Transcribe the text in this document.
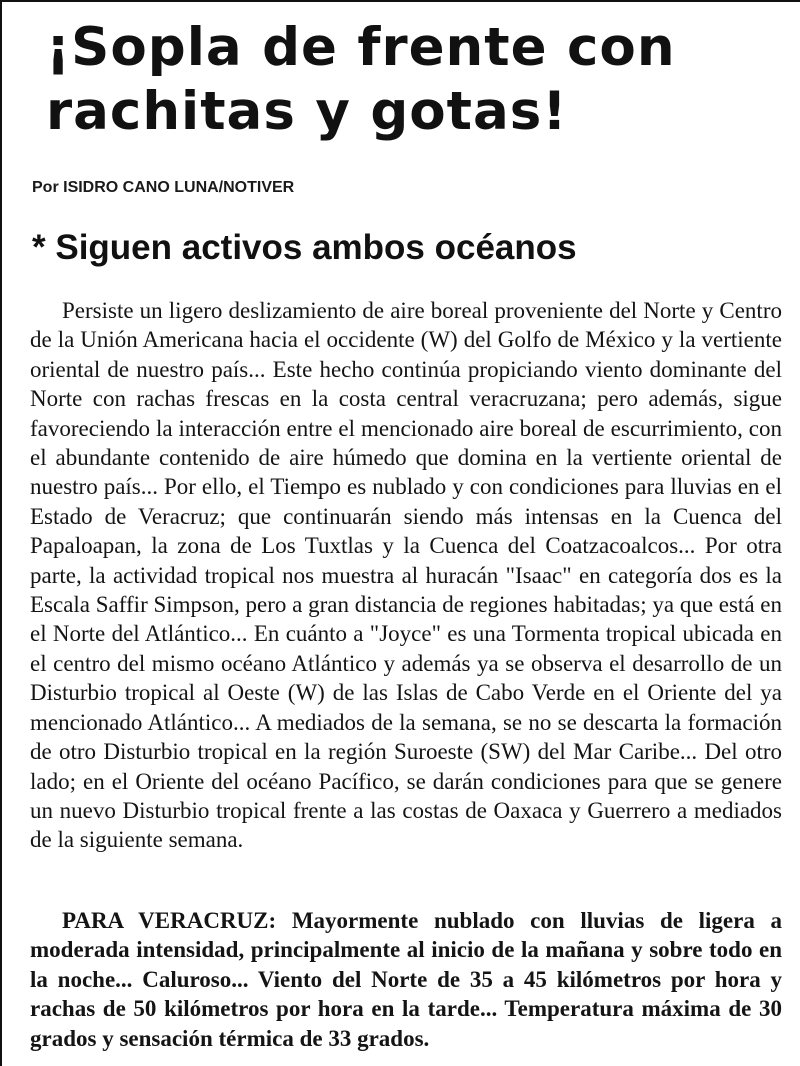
¡Sopla de frente con rachitas y gotas!

Por ISIDRO CANO LUNA/NOTIVER

* Siguen activos ambos océanos

Persiste un ligero deslizamiento de aire boreal proveniente del Norte y Centro de la Unión Americana hacia el occidente (W) del Golfo de México y la vertiente oriental de nuestro país... Este hecho continúa propiciando viento dominante del Norte con rachas frescas en la costa central veracruzana; pero además, sigue favoreciendo la interacción entre el mencionado aire boreal de escurrimiento, con el abundante contenido de aire húmedo que domina en la vertiente oriental de nuestro país... Por ello, el Tiempo es nublado y con condiciones para lluvias en el Estado de Veracruz; que continuarán siendo más intensas en la Cuenca del Papaloapan, la zona de Los Tuxtlas y la Cuenca del Coatzacoalcos... Por otra parte, la actividad tropical nos muestra al huracán "Isaac" en categoría dos es la Escala Saffir Simpson, pero a gran distancia de regiones habitadas; ya que está en el Norte del Atlántico... En cuánto a "Joyce" es una Tormenta tropical ubicada en el centro del mismo océano Atlántico y además ya se observa el desarrollo de un Disturbio tropical al Oeste (W) de las Islas de Cabo Verde en el Oriente del ya mencionado Atlántico... A mediados de la semana, se no se descarta la formación de otro Disturbio tropical en la región Suroeste (SW) del Mar Caribe... Del otro lado; en el Oriente del océano Pacífico, se darán condiciones para que se genere un nuevo Disturbio tropical frente a las costas de Oaxaca y Guerrero a mediados de la siguiente semana.

PARA VERACRUZ: Mayormente nublado con lluvias de ligera a moderada intensidad, principalmente al inicio de la mañana y sobre todo en la noche... Caluroso... Viento del Norte de 35 a 45 kilómetros por hora y rachas de 50 kilómetros por hora en la tarde... Temperatura máxima de 30 grados y sensación térmica de 33 grados.
